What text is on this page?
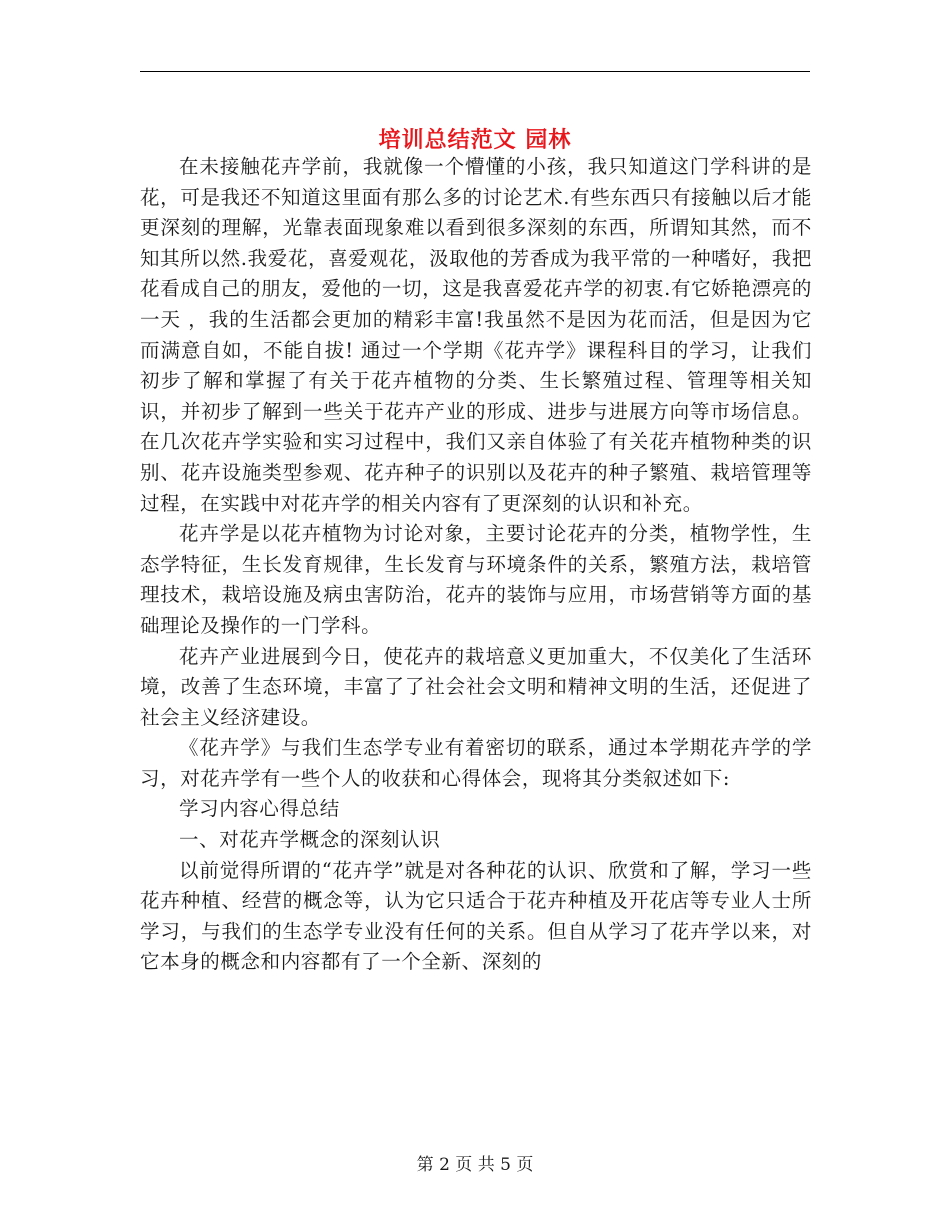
培训总结范文 园林

在未接触花卉学前，我就像一个懵懂的小孩，我只知道这门学科讲的是花，可是我还不知道这里面有那么多的讨论艺术.有些东西只有接触以后才能更深刻的理解，光靠表面现象难以看到很多深刻的东西，所谓知其然，而不知其所以然.我爱花，喜爱观花，汲取他的芳香成为我平常的一种嗜好，我把花看成自己的朋友，爱他的一切，这是我喜爱花卉学的初衷.有它娇艳漂亮的一天 ，我的生活都会更加的精彩丰富!我虽然不是因为花而活，但是因为它而满意自如，不能自拔! 通过一个学期《花卉学》课程科目的学习，让我们初步了解和掌握了有关于花卉植物的分类、生长繁殖过程、管理等相关知识，并初步了解到一些关于花卉产业的形成、进步与进展方向等市场信息。在几次花卉学实验和实习过程中，我们又亲自体验了有关花卉植物种类的识别、花卉设施类型参观、花卉种子的识别以及花卉的种子繁殖、栽培管理等过程，在实践中对花卉学的相关内容有了更深刻的认识和补充。

花卉学是以花卉植物为讨论对象，主要讨论花卉的分类，植物学性，生态学特征，生长发育规律，生长发育与环境条件的关系，繁殖方法，栽培管理技术，栽培设施及病虫害防治，花卉的装饰与应用，市场营销等方面的基础理论及操作的一门学科。

花卉产业进展到今日，使花卉的栽培意义更加重大，不仅美化了生活环境，改善了生态环境，丰富了了社会社会文明和精神文明的生活，还促进了社会主义经济建设。

《花卉学》与我们生态学专业有着密切的联系，通过本学期花卉学的学习，对花卉学有一些个人的收获和心得体会，现将其分类叙述如下:

学习内容心得总结

一、对花卉学概念的深刻认识

以前觉得所谓的“花卉学”就是对各种花的认识、欣赏和了解，学习一些花卉种植、经营的概念等，认为它只适合于花卉种植及开花店等专业人士所学习，与我们的生态学专业没有任何的关系。但自从学习了花卉学以来，对它本身的概念和内容都有了一个全新、深刻的

第 2 页 共 5 页
